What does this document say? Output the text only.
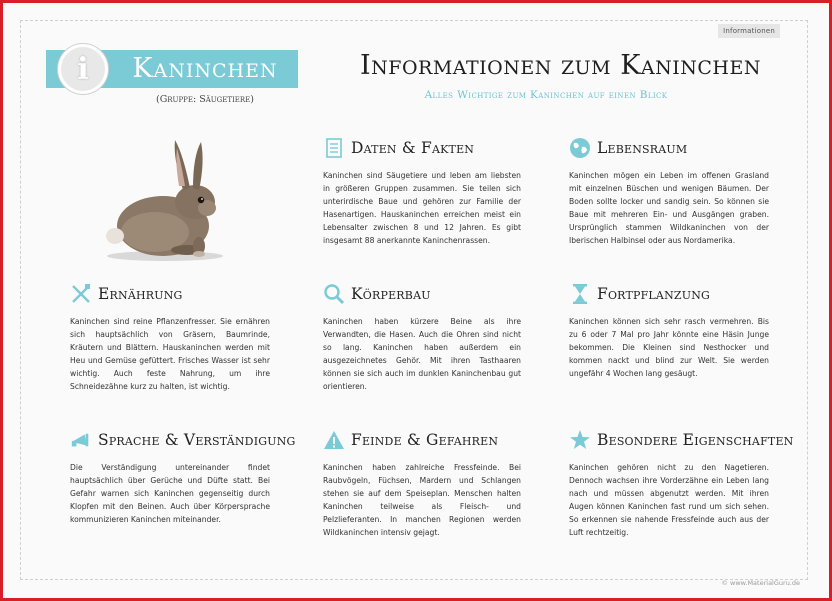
Informationen
i	Kaninchen
(Gruppe: Säugetiere)
Informationen zum Kaninchen
Alles Wichtige zum Kaninchen auf einen Blick
Daten & Fakten
Kaninchen sind Säugetiere und leben am liebsten in größeren Gruppen zusammen. Sie teilen sich unterirdische Baue und gehören zur Familie der Hasenartigen. Hauskaninchen erreichen meist ein Lebensalter zwischen 8 und 12 Jahren. Es gibt insgesamt 88 anerkannte Kaninchenrassen.
Lebensraum
Kaninchen mögen ein Leben im offenen Grasland mit einzelnen Büschen und wenigen Bäumen. Der Boden sollte locker und sandig sein. So können sie Baue mit mehreren Ein- und Ausgängen graben. Ursprünglich stammen Wildkaninchen von der Iberischen Halbinsel oder aus Nordamerika.
Ernährung
Kaninchen sind reine Pflanzenfresser. Sie ernähren sich hauptsächlich von Gräsern, Baumrinde, Kräutern und Blättern. Hauskaninchen werden mit Heu und Gemüse gefüttert. Frisches Wasser ist sehr wichtig. Auch feste Nahrung, um ihre Schneidezähne kurz zu halten, ist wichtig.
Körperbau
Kaninchen haben kürzere Beine als ihre Verwandten, die Hasen. Auch die Ohren sind nicht so lang. Kaninchen haben außerdem ein ausgezeichnetes Gehör. Mit ihren Tasthaaren können sie sich auch im dunklen Kaninchenbau gut orientieren.
Fortpflanzung
Kaninchen können sich sehr rasch vermehren. Bis zu 6 oder 7 Mal pro Jahr könnte eine Häsin Junge bekommen. Die Kleinen sind Nesthocker und kommen nackt und blind zur Welt. Sie werden ungefähr 4 Wochen lang gesäugt.
Sprache & Verständigung
Die Verständigung untereinander findet hauptsächlich über Gerüche und Düfte statt. Bei Gefahr warnen sich Kaninchen gegenseitig durch Klopfen mit den Beinen. Auch über Körpersprache kommunizieren Kaninchen miteinander.
Feinde & Gefahren
Kaninchen haben zahlreiche Fressfeinde. Bei Raubvögeln, Füchsen, Mardern und Schlangen stehen sie auf dem Speiseplan. Menschen halten Kaninchen teilweise als Fleisch- und Pelzlieferanten. In manchen Regionen werden Wildkaninchen intensiv gejagt.
Besondere Eigenschaften
Kaninchen gehören nicht zu den Nagetieren. Dennoch wachsen ihre Vorderzähne ein Leben lang nach und müssen abgenutzt werden. Mit ihren Augen können Kaninchen fast rund um sich sehen. So erkennen sie nahende Fressfeinde auch aus der Luft rechtzeitig.
© www.MaterialGuru.de
